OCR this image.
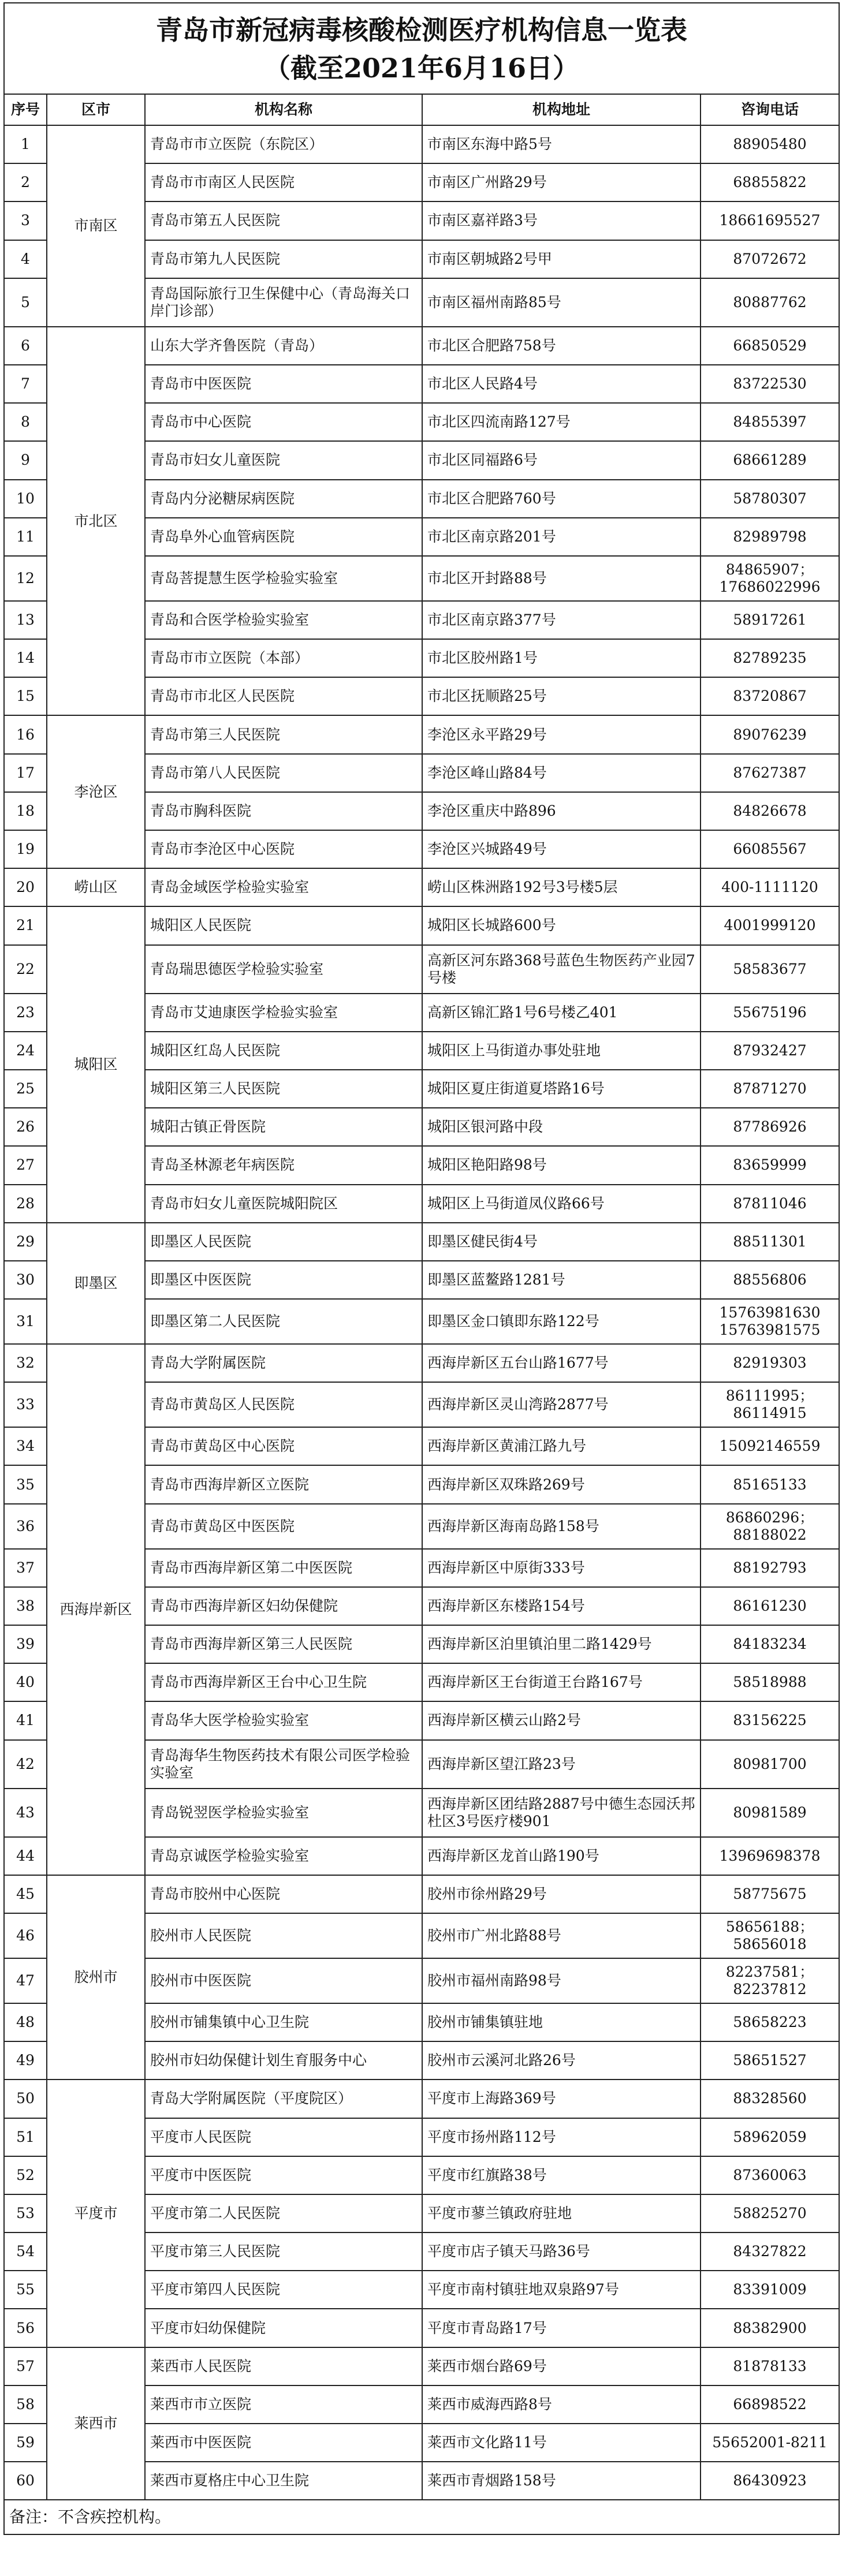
青岛市新冠病毒核酸检测医疗机构信息一览表
（截至2021年6月16日）				

序号	区市	机构名称	机构地址	咨询电话
1	市南区	青岛市市立医院（东院区）	市南区东海中路5号	88905480
2		青岛市市南区人民医院	市南区广州路29号	68855822
3		青岛市第五人民医院	市南区嘉祥路3号	18661695527
4		青岛市第九人民医院	市南区朝城路2号甲	87072672
5		青岛国际旅行卫生保健中心（青岛海关口岸门诊部）	市南区福州南路85号	80887762
6	市北区	山东大学齐鲁医院（青岛）	市北区合肥路758号	66850529
7		青岛市中医医院	市北区人民路4号	83722530
8		青岛市中心医院	市北区四流南路127号	84855397
9		青岛市妇女儿童医院	市北区同福路6号	68661289
10		青岛内分泌糖尿病医院	市北区合肥路760号	58780307
11		青岛阜外心血管病医院	市北区南京路201号	82989798
12		青岛菩提慧生医学检验实验室	市北区开封路88号	84865907；17686022996
13		青岛和合医学检验实验室	市北区南京路377号	58917261
14		青岛市市立医院（本部）	市北区胶州路1号	82789235
15		青岛市市北区人民医院	市北区抚顺路25号	83720867
16	李沧区	青岛市第三人民医院	李沧区永平路29号	89076239
17		青岛市第八人民医院	李沧区峰山路84号	87627387
18		青岛市胸科医院	李沧区重庆中路896	84826678
19		青岛市李沧区中心医院	李沧区兴城路49号	66085567
20	崂山区	青岛金域医学检验实验室	崂山区株洲路192号3号楼5层	400-1111120
21	城阳区	城阳区人民医院	城阳区长城路600号	4001999120
22		青岛瑞思德医学检验实验室	高新区河东路368号蓝色生物医药产业园7号楼	58583677
23		青岛市艾迪康医学检验实验室	高新区锦汇路1号6号楼乙401	55675196
24		城阳区红岛人民医院	城阳区上马街道办事处驻地	87932427
25		城阳区第三人民医院	城阳区夏庄街道夏塔路16号	87871270
26		城阳古镇正骨医院	城阳区银河路中段	87786926
27		青岛圣林源老年病医院	城阳区艳阳路98号	83659999
28		青岛市妇女儿童医院城阳院区	城阳区上马街道凤仪路66号	87811046
29	即墨区	即墨区人民医院	即墨区健民街4号	88511301
30		即墨区中医医院	即墨区蓝鳌路1281号	88556806
31		即墨区第二人民医院	即墨区金口镇即东路122号	15763981630 15763981575
32	西海岸新区	青岛大学附属医院	西海岸新区五台山路1677号	82919303
33		青岛市黄岛区人民医院	西海岸新区灵山湾路2877号	86111995；86114915
34		青岛市黄岛区中心医院	西海岸新区黄浦江路九号	15092146559
35		青岛市西海岸新区立医院	西海岸新区双珠路269号	85165133
36		青岛市黄岛区中医医院	西海岸新区海南岛路158号	86860296；88188022
37		青岛市西海岸新区第二中医医院	西海岸新区中原街333号	88192793
38		青岛市西海岸新区妇幼保健院	西海岸新区东楼路154号	86161230
39		青岛市西海岸新区第三人民医院	西海岸新区泊里镇泊里二路1429号	84183234
40		青岛市西海岸新区王台中心卫生院	西海岸新区王台街道王台路167号	58518988
41		青岛华大医学检验实验室	西海岸新区横云山路2号	83156225
42		青岛海华生物医药技术有限公司医学检验实验室	西海岸新区望江路23号	80981700
43		青岛锐翌医学检验实验室	西海岸新区团结路2887号中德生态园沃邦杜区3号医疗楼901	80981589
44		青岛京诚医学检验实验室	西海岸新区龙首山路190号	13969698378
45	胶州市	青岛市胶州中心医院	胶州市徐州路29号	58775675
46		胶州市人民医院	胶州市广州北路88号	58656188；58656018
47		胶州市中医医院	胶州市福州南路98号	82237581；82237812
48		胶州市铺集镇中心卫生院	胶州市铺集镇驻地	58658223
49		胶州市妇幼保健计划生育服务中心	胶州市云溪河北路26号	58651527
50	平度市	青岛大学附属医院（平度院区）	平度市上海路369号	88328560
51		平度市人民医院	平度市扬州路112号	58962059
52		平度市中医医院	平度市红旗路38号	87360063
53		平度市第二人民医院	平度市蓼兰镇政府驻地	58825270
54		平度市第三人民医院	平度市店子镇天马路36号	84327822
55		平度市第四人民医院	平度市南村镇驻地双泉路97号	83391009
56		平度市妇幼保健院	平度市青岛路17号	88382900
57	莱西市	莱西市人民医院	莱西市烟台路69号	81878133
58		莱西市市立医院	莱西市威海西路8号	66898522
59		莱西市中医医院	莱西市文化路11号	55652001-8211
60		莱西市夏格庄中心卫生院	莱西市青烟路158号	86430923
备注：不含疾控机构。				
